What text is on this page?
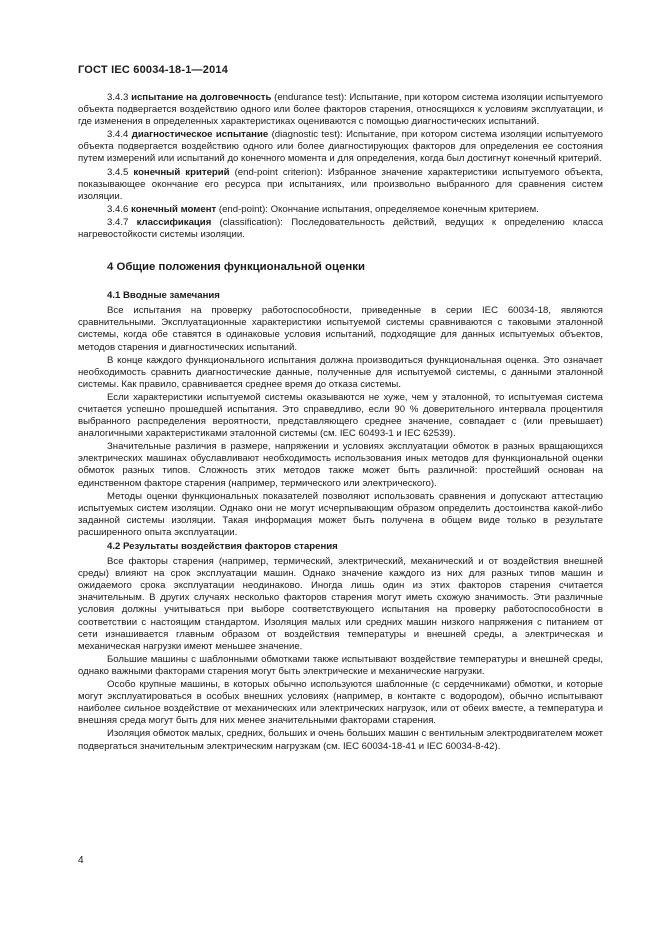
ГОСТ IEC 60034-18-1—2014

3.4.3 испытание на долговечность (endurance test): Испытание, при котором система изоляции испытуемого объекта подвергается воздействию одного или более факторов старения, относящихся к условиям эксплуатации, и где изменения в определенных характеристиках оцениваются с помощью диагностических испытаний.

3.4.4 диагностическое испытание (diagnostic test): Испытание, при котором система изоляции испытуемого объекта подвергается воздействию одного или более диагностирующих факторов для определения ее состояния путем измерений или испытаний до конечного момента и для определения, когда был достигнут конечный критерий.

3.4.5 конечный критерий (end-point criterion): Избранное значение характеристики испытуемого объекта, показывающее окончание его ресурса при испытаниях, или произвольно выбранного для сравнения систем изоляции.

3.4.6 конечный момент (end-point): Окончание испытания, определяемое конечным критерием.

3.4.7 классификация (classification): Последовательность действий, ведущих к определению класса нагревостойкости системы изоляции.

4 Общие положения функциональной оценки
4.1 Вводные замечания

Все испытания на проверку работоспособности, приведенные в серии IEC 60034-18, являются сравнительными. Эксплуатационные характеристики испытуемой системы сравниваются с таковыми эталонной системы, когда обе ставятся в одинаковые условия испытаний, подходящие для данных испытуемых объектов, методов старения и диагностических испытаний.

В конце каждого функционального испытания должна производиться функциональная оценка. Это означает необходимость сравнить диагностические данные, полученные для испытуемой системы, с данными эталонной системы. Как правило, сравнивается среднее время до отказа системы.

Если характеристики испытуемой системы оказываются не хуже, чем у эталонной, то испытуемая система считается успешно прошедшей испытания. Это справедливо, если 90 % доверительного интервала процентиля выбранного распределения вероятности, представляющего среднее значение, совпадает с (или превышает) аналогичными характеристиками эталонной системы (см. IEC 60493-1 и IEC 62539).

Значительные различия в размере, напряжении и условиях эксплуатации обмоток в разных вращающихся электрических машинах обуславливают необходимость использования иных методов для функциональной оценки обмоток разных типов. Сложность этих методов также может быть различной: простейший основан на единственном факторе старения (например, термического или электрического).

Методы оценки функциональных показателей позволяют использовать сравнения и допускают аттестацию испытуемых систем изоляции. Однако они не могут исчерпывающим образом определить достоинства какой-либо заданной системы изоляции. Такая информация может быть получена в общем виде только в результате расширенного опыта эксплуатации.

4.2 Результаты воздействия факторов старения

Все факторы старения (например, термический, электрический, механический и от воздействия внешней среды) влияют на срок эксплуатации машин. Однако значение каждого из них для разных типов машин и ожидаемого срока эксплуатации неодинаково. Иногда лишь один из этих факторов старения считается значительным. В других случаях несколько факторов старения могут иметь схожую значимость. Эти различные условия должны учитываться при выборе соответствующего испытания на проверку работоспособности в соответствии с настоящим стандартом. Изоляция малых или средних машин низкого напряжения с питанием от сети изнашивается главным образом от воздействия температуры и внешней среды, а электрическая и механическая нагрузки имеют меньшее значение.

Большие машины с шаблонными обмотками также испытывают воздействие температуры и внешней среды, однако важными факторами старения могут быть электрические и механические нагрузки.

Особо крупные машины, в которых обычно используются шаблонные (с сердечниками) обмотки, и которые могут эксплуатироваться в особых внешних условиях (например, в контакте с водородом), обычно испытывают наиболее сильное воздействие от механических или электрических нагрузок, или от обеих вместе, а температура и внешняя среда могут быть для них менее значительными факторами старения.

Изоляция обмоток малых, средних, больших и очень больших машин с вентильным электродвигателем может подвергаться значительным электрическим нагрузкам (см. IEC 60034-18-41 и IEC 60034-8-42).

4
